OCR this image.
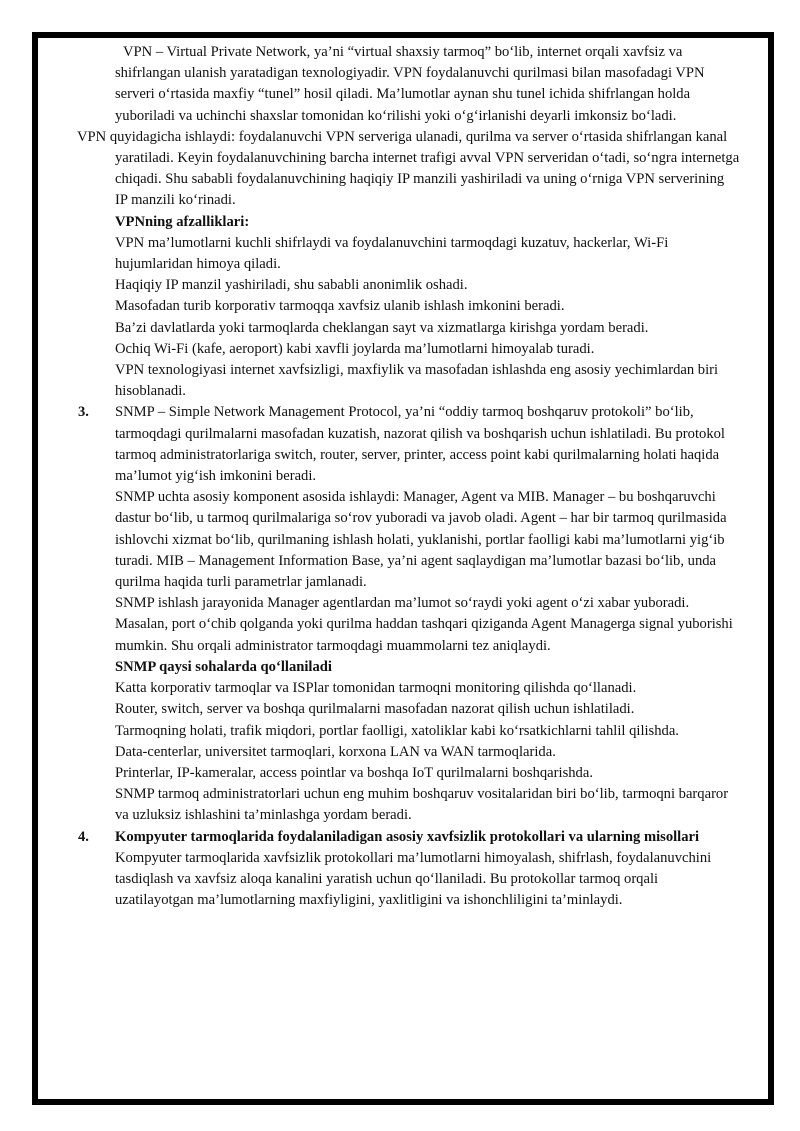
VPN – Virtual Private Network, ya’ni “virtual shaxsiy tarmoq” bo‘lib, internet orqali xavfsiz va shifrlangan ulanish yaratadigan texnologiyadir. VPN foydalanuvchi qurilmasi bilan masofadagi VPN serveri o‘rtasida maxfiy “tunel” hosil qiladi. Ma’lumotlar aynan shu tunel ichida shifrlangan holda yuboriladi va uchinchi shaxslar tomonidan ko‘rilishi yoki o‘g‘irlanishi deyarli imkonsiz bo‘ladi.

VPN quyidagicha ishlaydi: foydalanuvchi VPN serveriga ulanadi, qurilma va server o‘rtasida shifrlangan kanal yaratiladi. Keyin foydalanuvchining barcha internet trafigi avval VPN serveridan o‘tadi, so‘ngra internetga chiqadi. Shu sababli foydalanuvchining haqiqiy IP manzili yashiriladi va uning o‘rniga VPN serverining IP manzili ko‘rinadi.

VPNning afzalliklari:

VPN ma’lumotlarni kuchli shifrlaydi va foydalanuvchini tarmoqdagi kuzatuv, hackerlar, Wi-Fi hujumlaridan himoya qiladi.

Haqiqiy IP manzil yashiriladi, shu sababli anonimlik oshadi.

Masofadan turib korporativ tarmoqqa xavfsiz ulanib ishlash imkonini beradi.

Ba’zi davlatlarda yoki tarmoqlarda cheklangan sayt va xizmatlarga kirishga yordam beradi.

Ochiq Wi-Fi (kafe, aeroport) kabi xavfli joylarda ma’lumotlarni himoyalab turadi.

VPN texnologiyasi internet xavfsizligi, maxfiylik va masofadan ishlashda eng asosiy yechimlardan biri hisoblanadi.

3. SNMP – Simple Network Management Protocol, ya’ni “oddiy tarmoq boshqaruv protokoli” bo‘lib, tarmoqdagi qurilmalarni masofadan kuzatish, nazorat qilish va boshqarish uchun ishlatiladi. Bu protokol tarmoq administratorlariga switch, router, server, printer, access point kabi qurilmalarning holati haqida ma’lumot yig‘ish imkonini beradi.

SNMP uchta asosiy komponent asosida ishlaydi: Manager, Agent va MIB. Manager – bu boshqaruvchi dastur bo‘lib, u tarmoq qurilmalariga so‘rov yuboradi va javob oladi. Agent – har bir tarmoq qurilmasida ishlovchi xizmat bo‘lib, qurilmaning ishlash holati, yuklanishi, portlar faolligi kabi ma’lumotlarni yig‘ib turadi. MIB – Management Information Base, ya’ni agent saqlaydigan ma’lumotlar bazasi bo‘lib, unda qurilma haqida turli parametrlar jamlanadi.

SNMP ishlash jarayonida Manager agentlardan ma’lumot so‘raydi yoki agent o‘zi xabar yuboradi. Masalan, port o‘chib qolganda yoki qurilma haddan tashqari qiziganda Agent Managerga signal yuborishi mumkin. Shu orqali administrator tarmoqdagi muammolarni tez aniqlaydi.

SNMP qaysi sohalarda qo‘llaniladi

Katta korporativ tarmoqlar va ISPlar tomonidan tarmoqni monitoring qilishda qo‘llanadi.

Router, switch, server va boshqa qurilmalarni masofadan nazorat qilish uchun ishlatiladi.

Tarmoqning holati, trafik miqdori, portlar faolligi, xatoliklar kabi ko‘rsatkichlarni tahlil qilishda.

Data-centerlar, universitet tarmoqlari, korxona LAN va WAN tarmoqlarida.

Printerlar, IP-kameralar, access pointlar va boshqa IoT qurilmalarni boshqarishda.

SNMP tarmoq administratorlari uchun eng muhim boshqaruv vositalaridan biri bo‘lib, tarmoqni barqaror va uzluksiz ishlashini ta’minlashga yordam beradi.

4. Kompyuter tarmoqlarida foydalaniladigan asosiy xavfsizlik protokollari va ularning misollari

Kompyuter tarmoqlarida xavfsizlik protokollari ma’lumotlarni himoyalash, shifrlash, foydalanuvchini tasdiqlash va xavfsiz aloqa kanalini yaratish uchun qo‘llaniladi. Bu protokollar tarmoq orqali uzatilayotgan ma’lumotlarning maxfiyligini, yaxlitligini va ishonchliligini ta’minlaydi.
